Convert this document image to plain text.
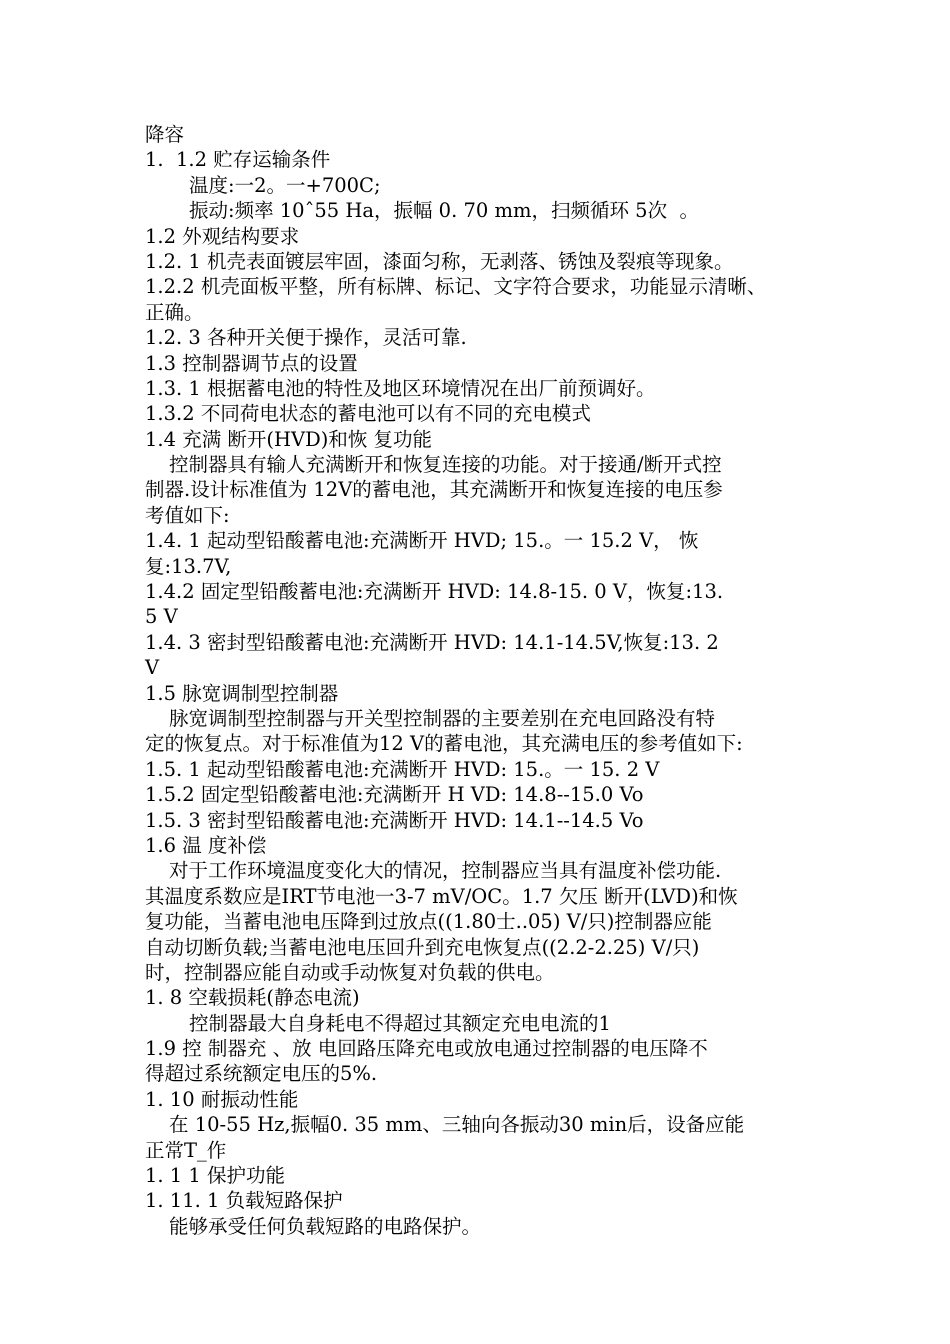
降容

1.  1.2 贮存运输条件

温度:一2。一+700C;

振动:频率 10ˆ55 Ha，振幅 0. 70 mm，扫频循环 5次  。

1.2 外观结构要求

1.2. 1 机壳表面镀层牢固，漆面匀称，无剥落、锈蚀及裂痕等现象。

1.2.2 机壳面板平整，所有标牌、标记、文字符合要求，功能显示清晰、

正确。

1.2. 3 各种开关便于操作，灵活可靠.

1.3 控制器调节点的设置

1.3. 1 根据蓄电池的特性及地区环境情况在出厂前预调好。

1.3.2 不同荷电状态的蓄电池可以有不同的充电模式

1.4 充满 断开(HVD)和恢 复功能

控制器具有输人充满断开和恢复连接的功能。对于接通/断开式控

制器.设计标准值为 12V的蓄电池，其充满断开和恢复连接的电压参

考值如下:

1.4. 1 起动型铅酸蓄电池:充满断开 HVD; 15.。一 15.2 V， 恢

复:13.7V,

1.4.2 固定型铅酸蓄电池:充满断开 HVD: 14.8-15. 0 V，恢复:13.

5 V

1.4. 3 密封型铅酸蓄电池:充满断开 HVD: 14.1-14.5V,恢复:13. 2

V

1.5 脉宽调制型控制器

脉宽调制型控制器与开关型控制器的主要差别在充电回路没有特

定的恢复点。对于标准值为12 V的蓄电池，其充满电压的参考值如下:

1.5. 1 起动型铅酸蓄电池:充满断开 HVD: 15.。一 15. 2 V

1.5.2 固定型铅酸蓄电池:充满断开 H VD: 14.8--15.0 Vo

1.5. 3 密封型铅酸蓄电池:充满断开 HVD: 14.1--14.5 Vo

1.6 温 度补偿

对于工作环境温度变化大的情况，控制器应当具有温度补偿功能.

其温度系数应是IRT节电池一3-7 mV/OC。1.7 欠压 断开(LVD)和恢

复功能，当蓄电池电压降到过放点((1.80士..05) V/只)控制器应能

自动切断负载;当蓄电池电压回升到充电恢复点((2.2-2.25) V/只)

时，控制器应能自动或手动恢复对负载的供电。

1. 8 空载损耗(静态电流)

控制器最大自身耗电不得超过其额定充电电流的1

1.9 控 制器充 、放 电回路压降充电或放电通过控制器的电压降不

得超过系统额定电压的5%.

1. 10 耐振动性能

在 10-55 Hz,振幅0. 35 mm、三轴向各振动30 min后，设备应能

正常T_作

1. 1 1 保护功能

1. 11. 1 负载短路保护

能够承受任何负载短路的电路保护。
